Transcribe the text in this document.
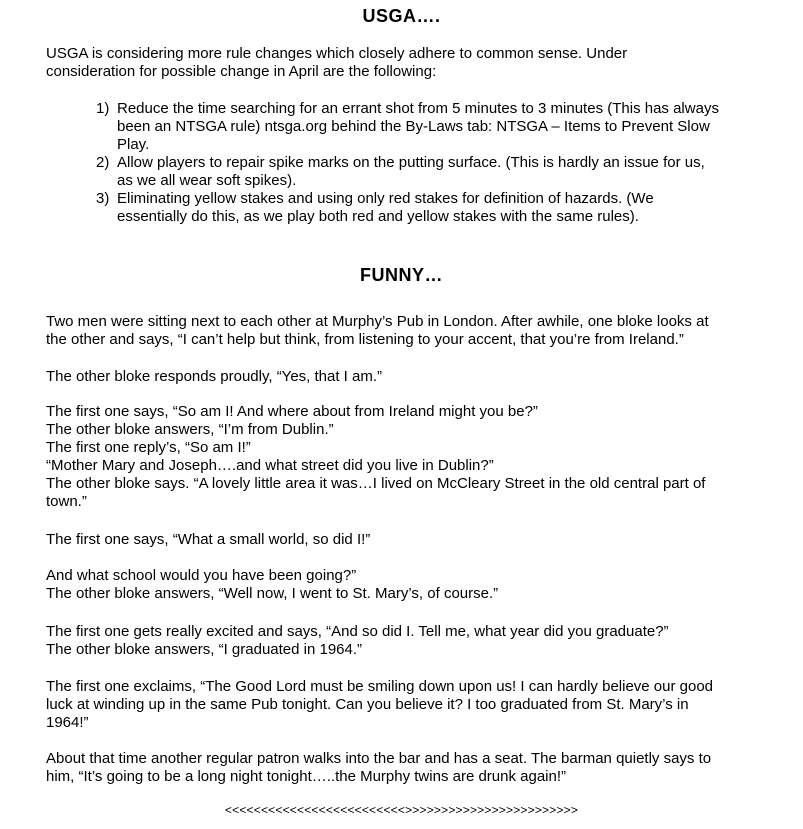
USGA….

USGA is considering more rule changes which closely adhere to common sense. Under
consideration for possible change in April are the following:

1) Reduce the time searching for an errant shot from 5 minutes to 3 minutes (This has always
been an NTSGA rule) ntsga.org behind the By-Laws tab: NTSGA – Items to Prevent Slow
Play.
2) Allow players to repair spike marks on the putting surface. (This is hardly an issue for us,
as we all wear soft spikes).
3) Eliminating yellow stakes and using only red stakes for definition of hazards. (We
essentially do this, as we play both red and yellow stakes with the same rules).
FUNNY…

Two men were sitting next to each other at Murphy’s Pub in London. After awhile, one bloke looks at
the other and says, “I can’t help but think, from listening to your accent, that you’re from Ireland.”

The other bloke responds proudly, “Yes, that I am.”

The first one says, “So am I! And where about from Ireland might you be?”
The other bloke answers, “I’m from Dublin.”
The first one reply’s, “So am I!”
“Mother Mary and Joseph….and what street did you live in Dublin?”
The other bloke says. “A lovely little area it was…I lived on McCleary Street in the old central part of
town.”

The first one says, “What a small world, so did I!”

And what school would you have been going?”
The other bloke answers, “Well now, I went to St. Mary’s, of course.”

The first one gets really excited and says, “And so did I. Tell me, what year did you graduate?”
The other bloke answers, “I graduated in 1964.”

The first one exclaims, “The Good Lord must be smiling down upon us! I can hardly believe our good
luck at winding up in the same Pub tonight. Can you believe it? I too graduated from St. Mary’s in
1964!”

About that time another regular patron walks into the bar and has a seat. The barman quietly says to
him, “It’s going to be a long night tonight…..the Murphy twins are drunk again!”

<<<<<<<<<<<<<<<<<<<<<<<<<>>>>>>>>>>>>>>>>>>>>>>>>
